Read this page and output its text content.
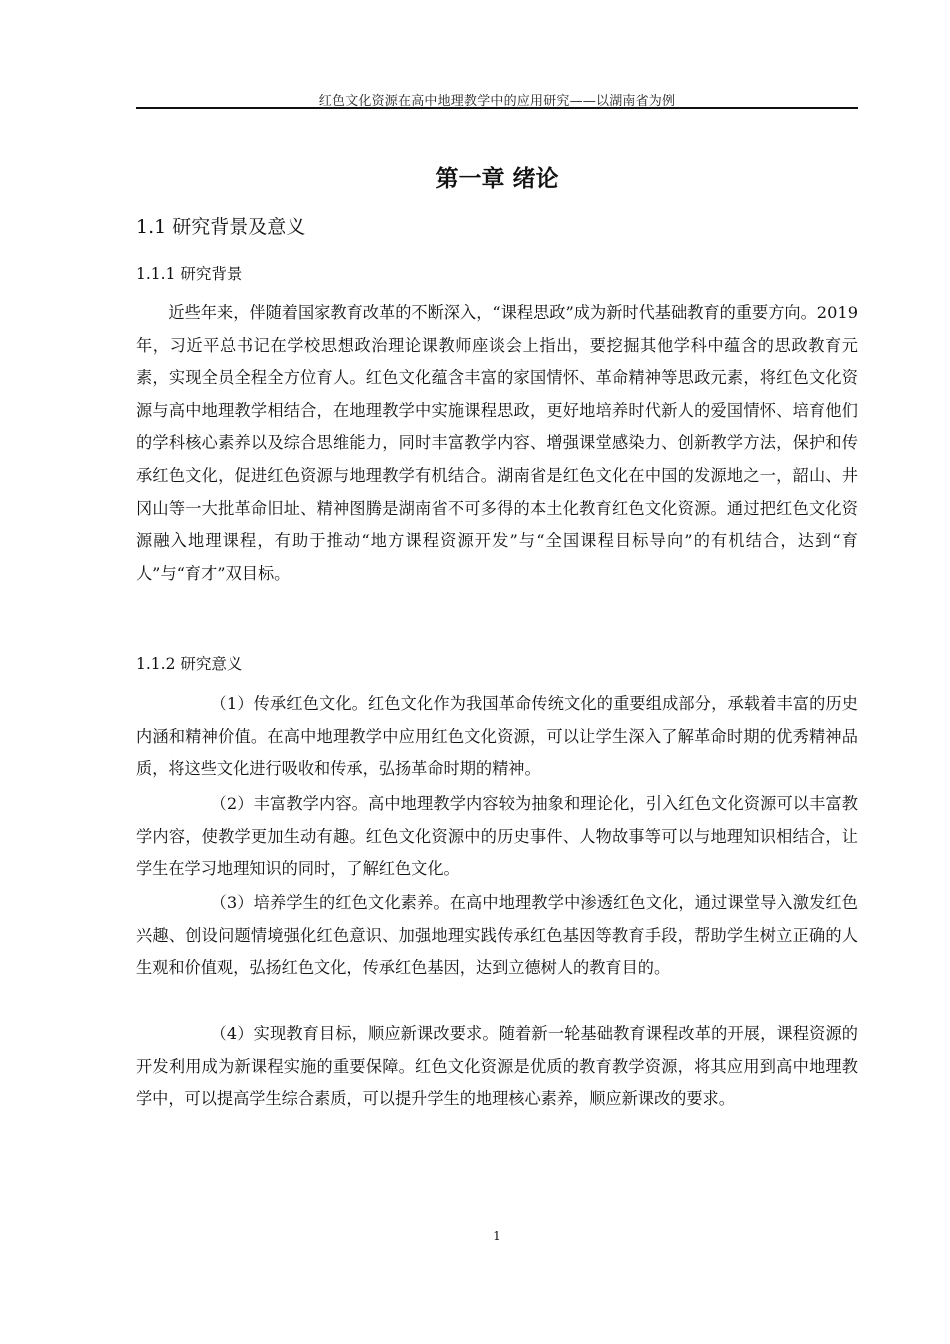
红色文化资源在高中地理教学中的应用研究——以湖南省为例
第一章 绪论
1.1 研究背景及意义
1.1.1 研究背景

近些年来，伴随着国家教育改革的不断深入，“课程思政”成为新时代基础教育的重要方向。2019年，习近平总书记在学校思想政治理论课教师座谈会上指出，要挖掘其他学科中蕴含的思政教育元素，实现全员全程全方位育人。红色文化蕴含丰富的家国情怀、革命精神等思政元素，将红色文化资源与高中地理教学相结合，在地理教学中实施课程思政，更好地培养时代新人的爱国情怀、培育他们的学科核心素养以及综合思维能力，同时丰富教学内容、增强课堂感染力、创新教学方法，保护和传承红色文化，促进红色资源与地理教学有机结合。湖南省是红色文化在中国的发源地之一，韶山、井冈山等一大批革命旧址、精神图腾是湖南省不可多得的本土化教育红色文化资源。通过把红色文化资源融入地理课程，有助于推动“地方课程资源开发”与“全国课程目标导向”的有机结合，达到“育人”与“育才”双目标。

1.1.2 研究意义

（1）传承红色文化。红色文化作为我国革命传统文化的重要组成部分，承载着丰富的历史内涵和精神价值。在高中地理教学中应用红色文化资源，可以让学生深入了解革命时期的优秀精神品质，将这些文化进行吸收和传承，弘扬革命时期的精神。

（2）丰富教学内容。高中地理教学内容较为抽象和理论化，引入红色文化资源可以丰富教学内容，使教学更加生动有趣。红色文化资源中的历史事件、人物故事等可以与地理知识相结合，让学生在学习地理知识的同时，了解红色文化。

（3）培养学生的红色文化素养。在高中地理教学中渗透红色文化，通过课堂导入激发红色兴趣、创设问题情境强化红色意识、加强地理实践传承红色基因等教育手段，帮助学生树立正确的人生观和价值观，弘扬红色文化，传承红色基因，达到立德树人的教育目的。

（4）实现教育目标，顺应新课改要求。随着新一轮基础教育课程改革的开展，课程资源的开发利用成为新课程实施的重要保障。红色文化资源是优质的教育教学资源，将其应用到高中地理教学中，可以提高学生综合素质，可以提升学生的地理核心素养，顺应新课改的要求。

1
